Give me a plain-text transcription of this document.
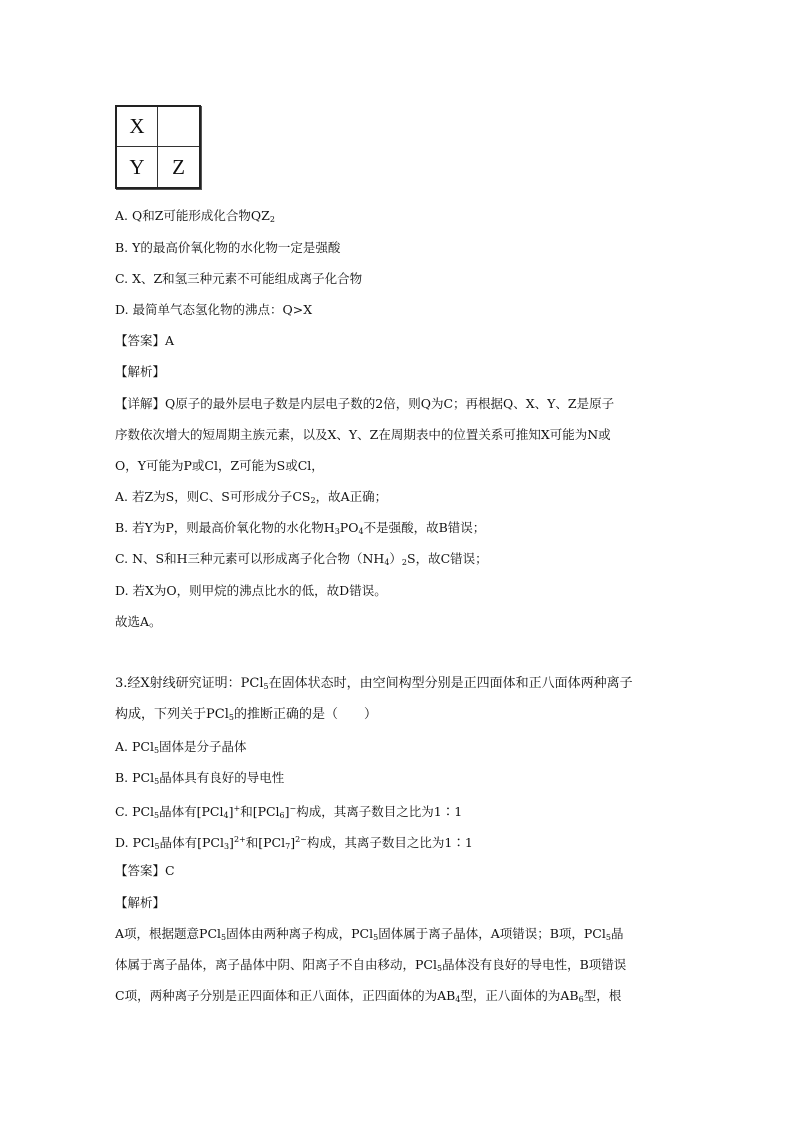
X
Y	Z
A. Q和Z可能形成化合物$QZ_2$
B. Y的最高价氧化物的水化物一定是强酸
C. X、Z和氢三种元素不可能组成离子化合物
D. 最简单气态氢化物的沸点：Q>X
【答案】A
【解析】
【详解】Q原子的最外层电子数是内层电子数的2倍，则Q为C；再根据Q、X、Y、Z是原子
序数依次增大的短周期主族元素，以及X、Y、Z在周期表中的位置关系可推知X可能为N或
O，Y可能为P或Cl，Z可能为S或Cl，
A. 若Z为S，则C、S可形成分子$CS_2$，故A正确；
B. 若Y为P，则最高价氧化物的水化物$H_3PO_4$不是强酸，故B错误；
C. N、S和H三种元素可以形成离子化合物$(NH_4)_2S$，故C错误；
D. 若X为O，则甲烷的沸点比水的低，故D错误。
故选A。
3.经X射线研究证明：PCl$_5$在固体状态时，由空间构型分别是正四面体和正八面体两种离子
构成，下列关于PCl$_5$的推断正确的是（　　）
A. PCl$_5$固体是分子晶体
B. PCl$_5$晶体具有良好的导电性
C. PCl$_5$晶体有[PCl$_4$]+和[PCl$_6$]−构成，其离子数目之比为1∶1
D. PCl$_5$晶体有$[PCl_3]^{2+}$和$[PCl_7]^{2-}$构成，其离子数目之比为1∶1
【答案】C
【解析】
A项，根据题意PCl$_5$固体由两种离子构成，PCl$_5$固体属于离子晶体，A项错误；B项，PCl$_5$晶
体属于离子晶体，离子晶体中阴、阳离子不自由移动，PCl$_5$晶体没有良好的导电性，B项错误
C项，两种离子分别是正四面体和正八面体，正四面体的为$AB_4$型，正八面体的为$AB_6$型，根
